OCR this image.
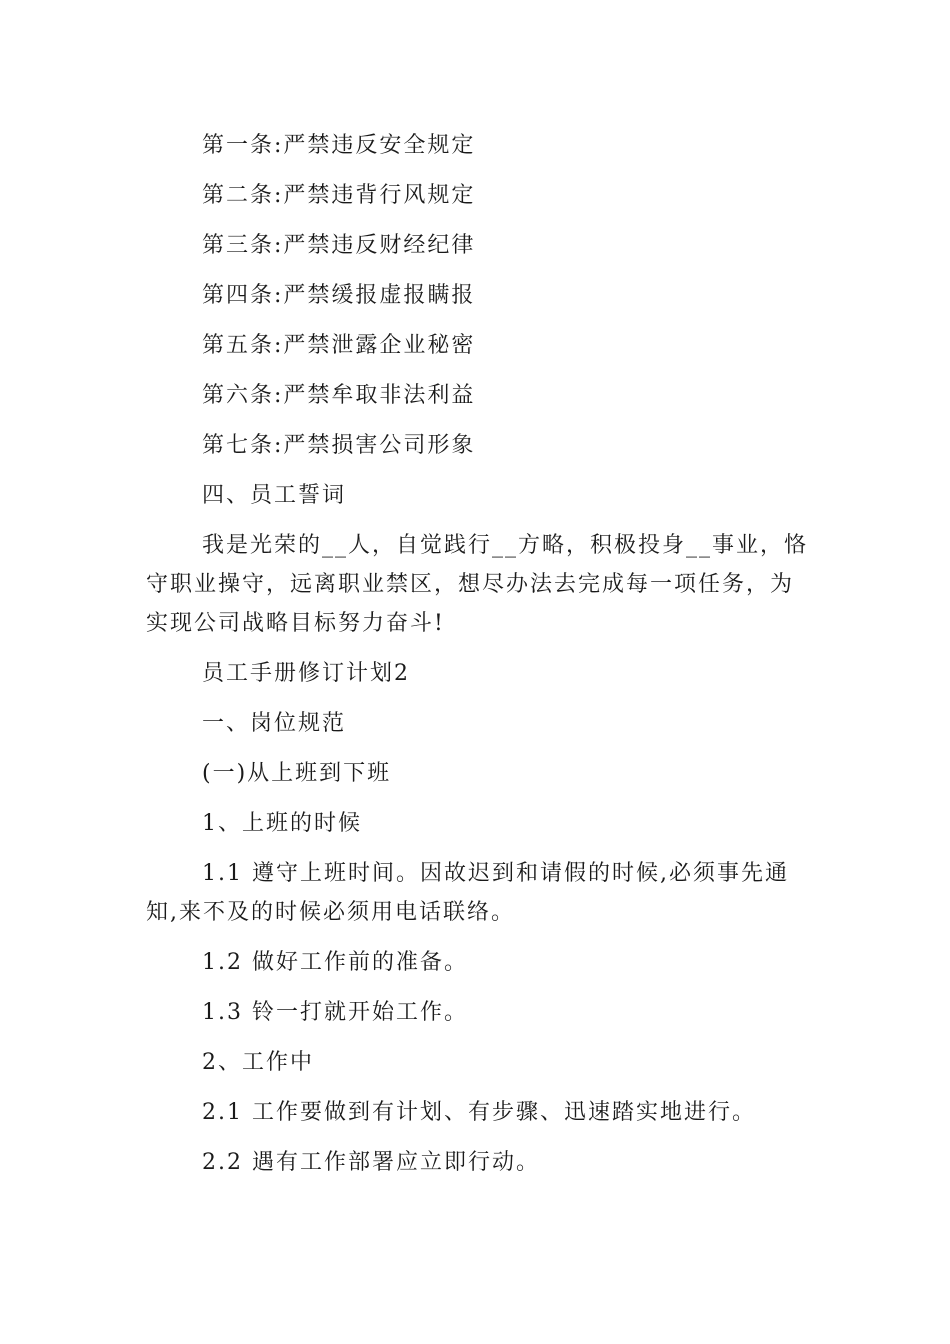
第一条:严禁违反安全规定

第二条:严禁违背行风规定

第三条:严禁违反财经纪律

第四条:严禁缓报虚报瞒报

第五条:严禁泄露企业秘密

第六条:严禁牟取非法利益

第七条:严禁损害公司形象

四、员工誓词

我是光荣的__人，自觉践行__方略，积极投身__事业，恪守职业操守，远离职业禁区，想尽办法去完成每一项任务，为实现公司战略目标努力奋斗!

员工手册修订计划2

一、岗位规范

(一)从上班到下班

1、上班的时候

1.1 遵守上班时间。因故迟到和请假的时候,必须事先通知,来不及的时候必须用电话联络。

1.2 做好工作前的准备。

1.3 铃一打就开始工作。

2、工作中

2.1 工作要做到有计划、有步骤、迅速踏实地进行。

2.2 遇有工作部署应立即行动。
